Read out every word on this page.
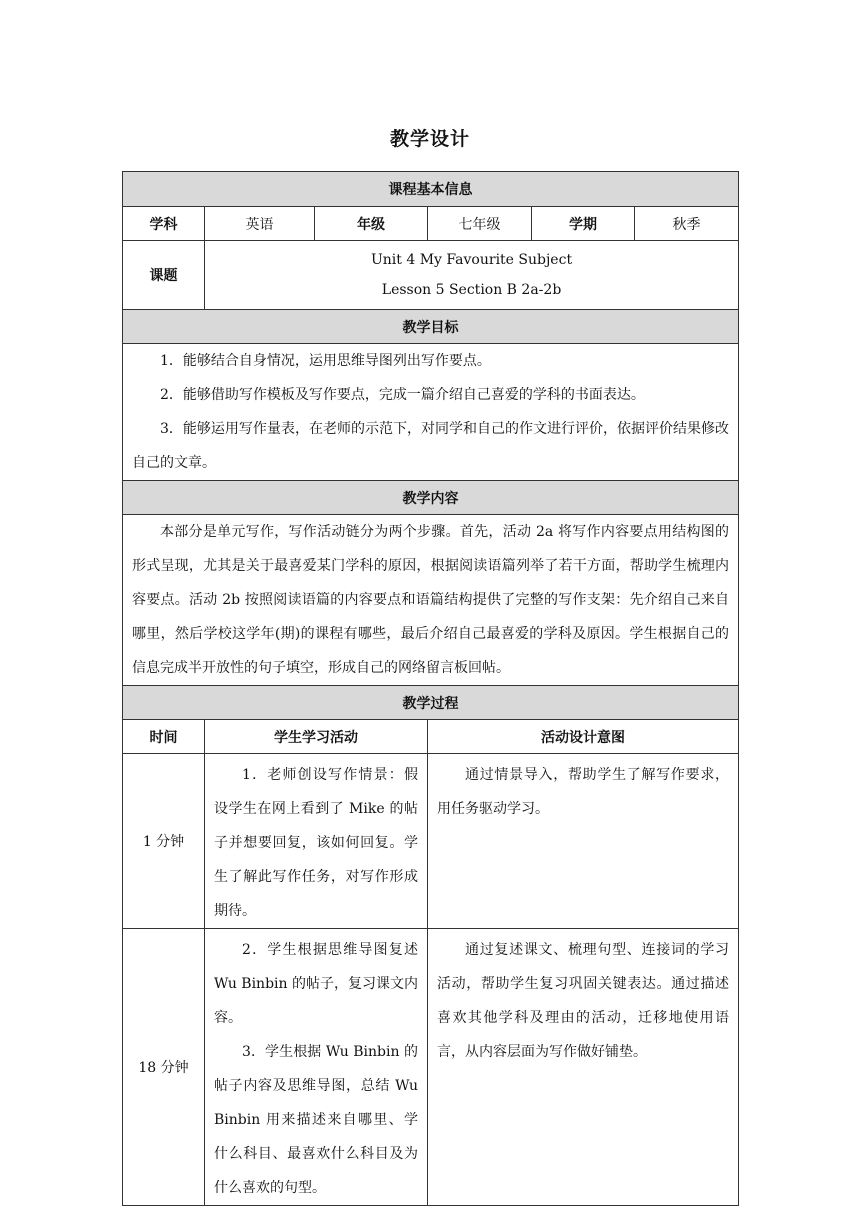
教学设计
课程基本信息					
学科	英语	年级	七年级	学期	秋季
课题	Unit 4 My Favourite Subject
Lesson 5 Section B 2a-2b				

教学目标					

1．能够结合自身情况，运用思维导图列出写作要点。

2．能够借助写作模板及写作要点，完成一篇介绍自己喜爱的学科的书面表达。

3．能够运用写作量表，在老师的示范下，对同学和自己的作文进行评价，依据评价结果修改自己的文章。					

教学内容					

本部分是单元写作，写作活动链分为两个步骤。首先，活动 2a 将写作内容要点用结构图的形式呈现，尤其是关于最喜爱某门学科的原因，根据阅读语篇列举了若干方面，帮助学生梳理内容要点。活动 2b 按照阅读语篇的内容要点和语篇结构提供了完整的写作支架：先介绍自己来自哪里，然后学校这学年(期)的课程有哪些，最后介绍自己最喜爱的学科及原因。学生根据自己的信息完成半开放性的句子填空，形成自己的网络留言板回帖。					

教学过程					
时间	学生学习活动		活动设计意图		
1 分钟	1．老师创设写作情景：假设学生在网上看到了 Mike 的帖子并想要回复，该如何回复。学生了解此写作任务，对写作形成期待。		通过情景导入，帮助学生了解写作要求，用任务驱动学习。		

18 分钟	2．学生根据思维导图复述 Wu Binbin 的帖子，复习课文内容。

3．学生根据 Wu Binbin 的帖子内容及思维导图，总结 Wu Binbin 用来描述来自哪里、学什么科目、最喜欢什么科目及为什么喜欢的句型。		通过复述课文、梳理句型、连接词的学习活动，帮助学生复习巩固关键表达。通过描述喜欢其他学科及理由的活动，迁移地使用语言，从内容层面为写作做好铺垫。		
